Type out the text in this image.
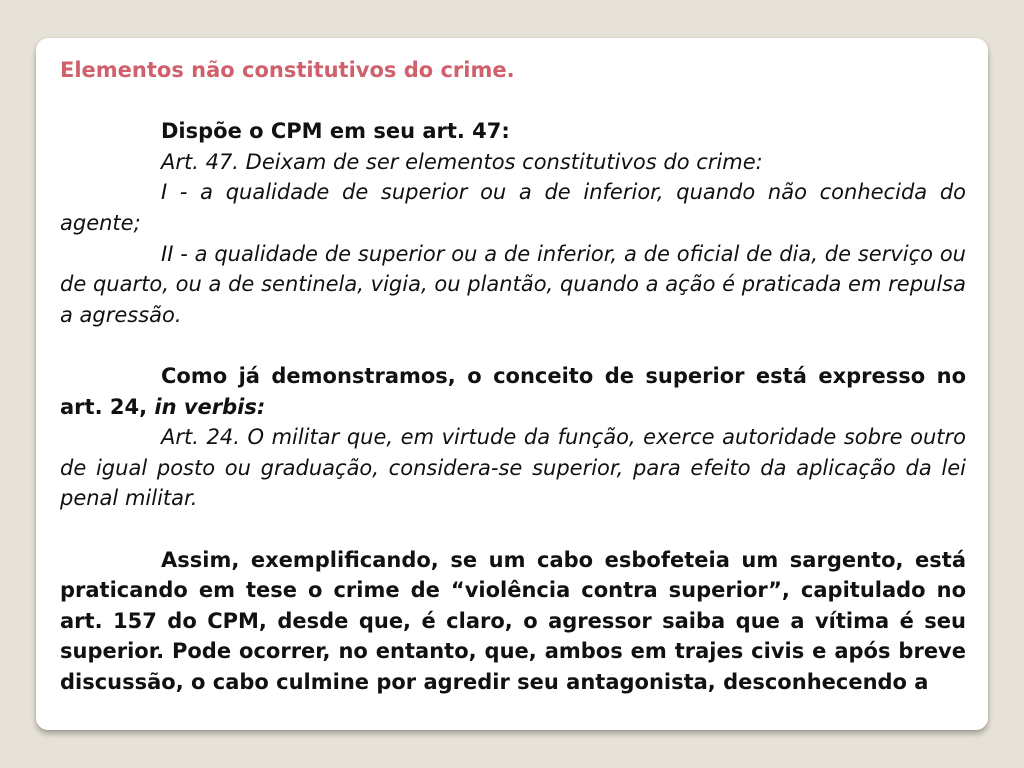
Elementos não constitutivos do crime.

Dispõe o CPM em seu art. 47:

Art. 47. Deixam de ser elementos constitutivos do crime:

I - a qualidade de superior ou a de inferior, quando não conhecida do agente;

II - a qualidade de superior ou a de inferior, a de oficial de dia, de serviço ou de quarto, ou a de sentinela, vigia, ou plantão, quando a ação é praticada em repulsa a agressão.

Como já demonstramos, o conceito de superior está expresso no art. 24, in verbis:

Art. 24. O militar que, em virtude da função, exerce autoridade sobre outro de igual posto ou graduação, considera-se superior, para efeito da aplicação da lei penal militar.

Assim, exemplificando, se um cabo esbofeteia um sargento, está praticando em tese o crime de “violência contra superior”, capitulado no art. 157 do CPM, desde que, é claro, o agressor saiba que a vítima é seu superior. Pode ocorrer, no entanto, que, ambos em trajes civis e após breve discussão, o cabo culmine por agredir seu antagonista, desconhecendo a
